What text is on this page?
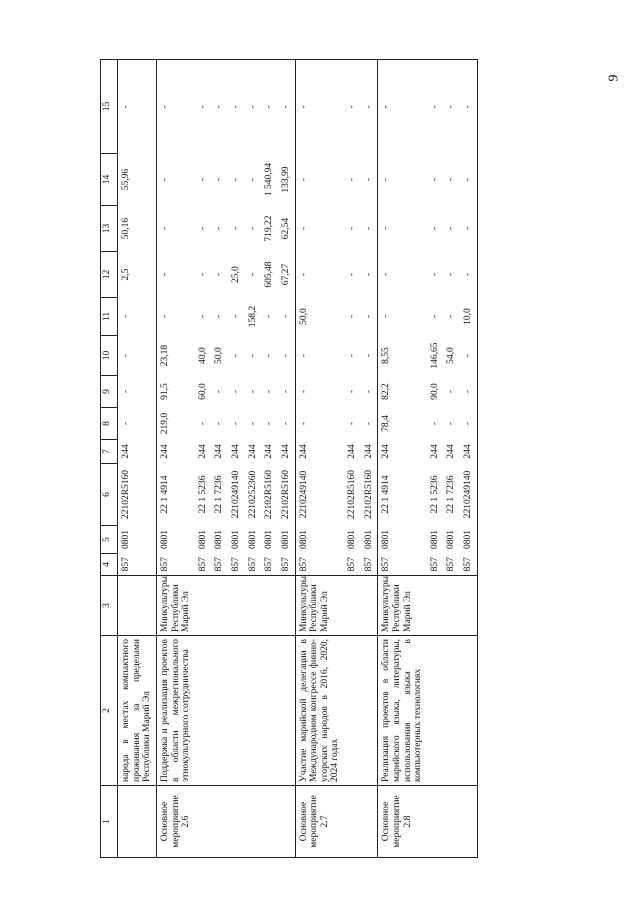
9
1	2	3	4	5	6	7	8	9	10	11	12	13	14	15
	народа в местах компактного проживания за пределами Республики Марий Эл		857	0801	22102R5160	244	-	-	-	-	2,5	50,16	55,96	-
Основное мероприятие 2.6	Поддержка и реализация проектов в области межрегионального этнокультурного сотрудничества	Минкультуры Республики Марий Эл	857	0801	22 1 4914	244	219,0	91,5	23,18	-	-	-	-	-
			857	0801	22 1 5236	244	-	60,0	40,0	-	-	-	-	-
			857	0801	22 1 7236	244	-	-	50,0	-	-	-	-	-
			857	0801	2210249140	244	-	-	-	-	25,0	-	-	-
			857	0801	2210252360	244	-	-	-	158,2	-	-	-	-
			857	0801	22102R5160	244	-	-	-	-	605,48	719,22	1 540,94	-
			857	0801	22102R5160	244	-	-	-	-	67,27	62,54	133,99	-
Основное мероприятие 2.7	Участие марийской делегации в Международном конгрессе финно-угорских народов в 2016, 2020, 2024 годах	Минкультуры Республики Марий Эл	857	0801	2210249140	244	-	-	-	50,0	-	-	-	-
			857	0801	22102R5160	244	-	-	-	-	-	-	-	-
			857	0801	22102R5160	244	-	-	-	-	-	-	-	-
Основное мероприятие 2.8	Реализация проектов в области марийского языка, литературы, использования языка в компьютерных технологиях	Минкультуры Республики Марий Эл	857	0801	22 1 4914	244	78,4	82,2	8,55	-	-	-	-	-
			857	0801	22 1 5236	244	-	90,0	146,65	-	-	-	-	-
			857	0801	22 1 7236	244	-	-	54,0	-	-	-	-	-
			857	0801	2210249140	244	-	-	-	10,0	-	-	-	-
